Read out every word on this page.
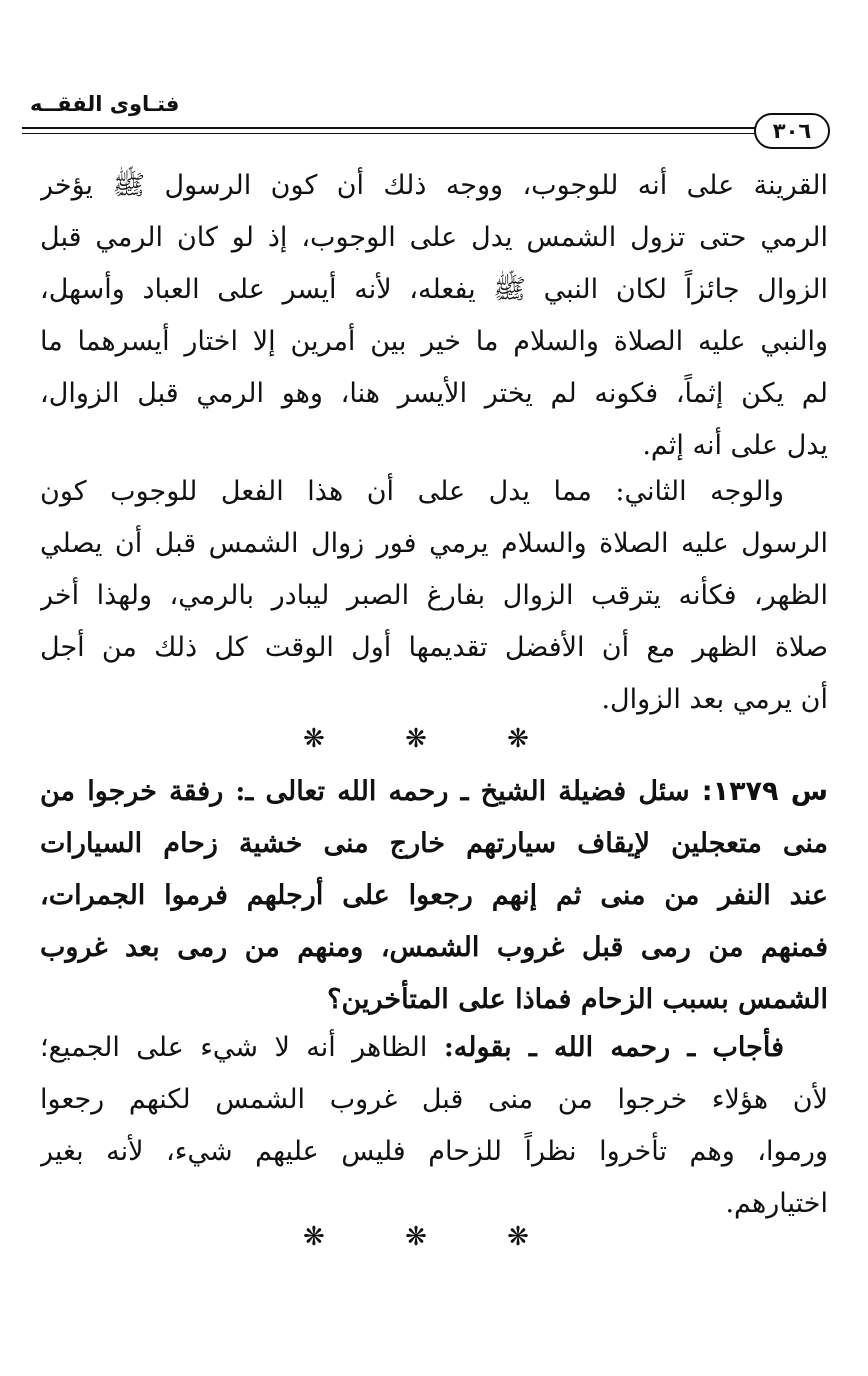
فتـاوى الفقــه
٣٠٦
القرينة على أنه للوجوب، ووجه ذلك أن كون الرسول ﷺ يؤخر
الرمي حتى تزول الشمس يدل على الوجوب، إذ لو كان الرمي قبل
الزوال جائزاً لكان النبي ﷺ يفعله، لأنه أيسر على العباد وأسهل،
والنبي عليه الصلاة والسلام ما خير بين أمرين إلا اختار أيسرهما ما
لم يكن إثماً، فكونه لم يختر الأيسر هنا، وهو الرمي قبل الزوال،
يدل على أنه إثم.
والوجه الثاني: مما يدل على أن هذا الفعل للوجوب كون
الرسول عليه الصلاة والسلام يرمي فور زوال الشمس قبل أن يصلي
الظهر، فكأنه يترقب الزوال بفارغ الصبر ليبادر بالرمي، ولهذا أخر
صلاة الظهر مع أن الأفضل تقديمها أول الوقت كل ذلك من أجل
أن يرمي بعد الزوال.
❋ ❋ ❋
س ١٣٧٩: سئل فضيلة الشيخ ـ رحمه الله تعالى ـ: رفقة خرجوا من
منى متعجلين لإيقاف سيارتهم خارج منى خشية زحام السيارات
عند النفر من منى ثم إنهم رجعوا على أرجلهم فرموا الجمرات،
فمنهم من رمى قبل غروب الشمس، ومنهم من رمى بعد غروب
الشمس بسبب الزحام فماذا على المتأخرين؟
فأجاب ـ رحمه الله ـ بقوله: الظاهر أنه لا شيء على الجميع؛
لأن هؤلاء خرجوا من منى قبل غروب الشمس لكنهم رجعوا
ورموا، وهم تأخروا نظراً للزحام فليس عليهم شيء، لأنه بغير
اختيارهم.
❋ ❋ ❋
